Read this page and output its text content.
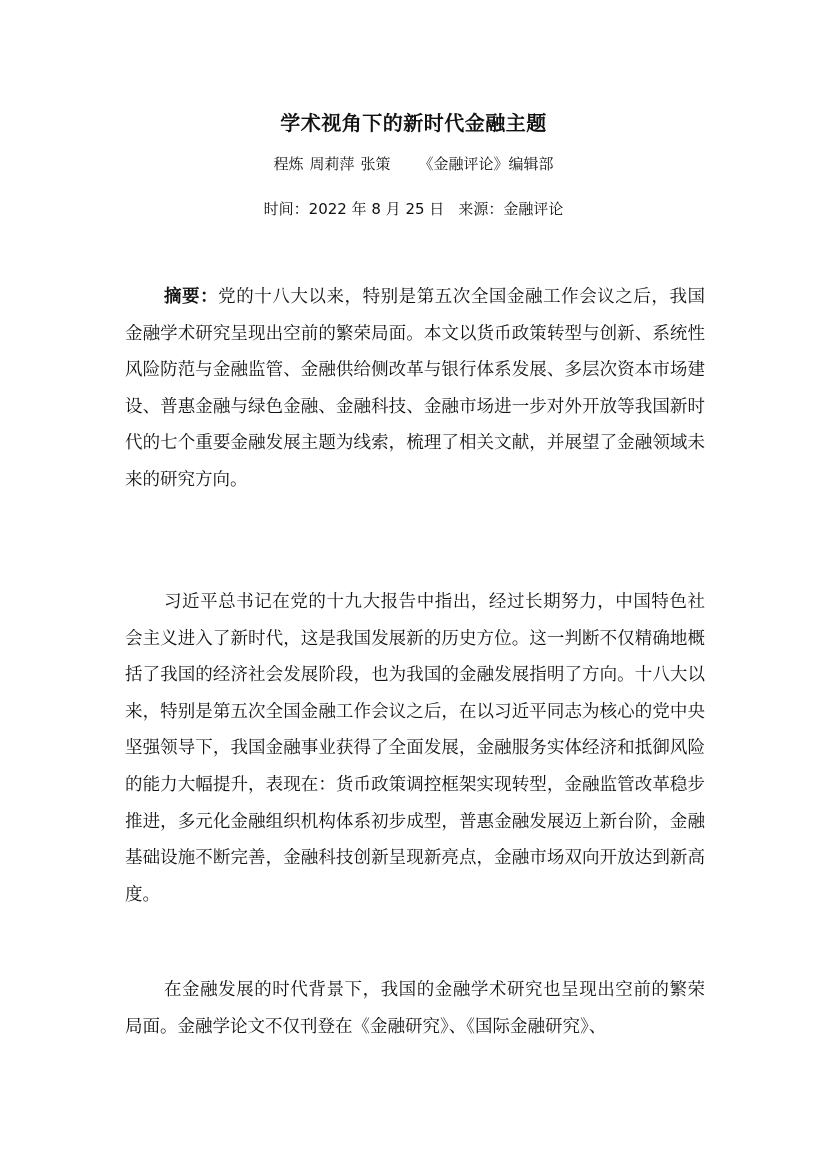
学术视角下的新时代金融主题
程炼 周莉萍 张策 《金融评论》编辑部
时间：2022 年 8 月 25 日 来源：金融评论

摘要：党的十八大以来，特别是第五次全国金融工作会议之后，我国金融学术研究呈现出空前的繁荣局面。本文以货币政策转型与创新、系统性风险防范与金融监管、金融供给侧改革与银行体系发展、多层次资本市场建设、普惠金融与绿色金融、金融科技、金融市场进一步对外开放等我国新时代的七个重要金融发展主题为线索，梳理了相关文献，并展望了金融领域未来的研究方向。

习近平总书记在党的十九大报告中指出，经过长期努力，中国特色社会主义进入了新时代，这是我国发展新的历史方位。这一判断不仅精确地概括了我国的经济社会发展阶段，也为我国的金融发展指明了方向。十八大以来，特别是第五次全国金融工作会议之后，在以习近平同志为核心的党中央坚强领导下，我国金融事业获得了全面发展，金融服务实体经济和抵御风险的能力大幅提升，表现在：货币政策调控框架实现转型，金融监管改革稳步推进，多元化金融组织机构体系初步成型，普惠金融发展迈上新台阶，金融基础设施不断完善，金融科技创新呈现新亮点，金融市场双向开放达到新高度。

在金融发展的时代背景下，我国的金融学术研究也呈现出空前的繁荣局面。金融学论文不仅刊登在《金融研究》、《国际金融研究》、
